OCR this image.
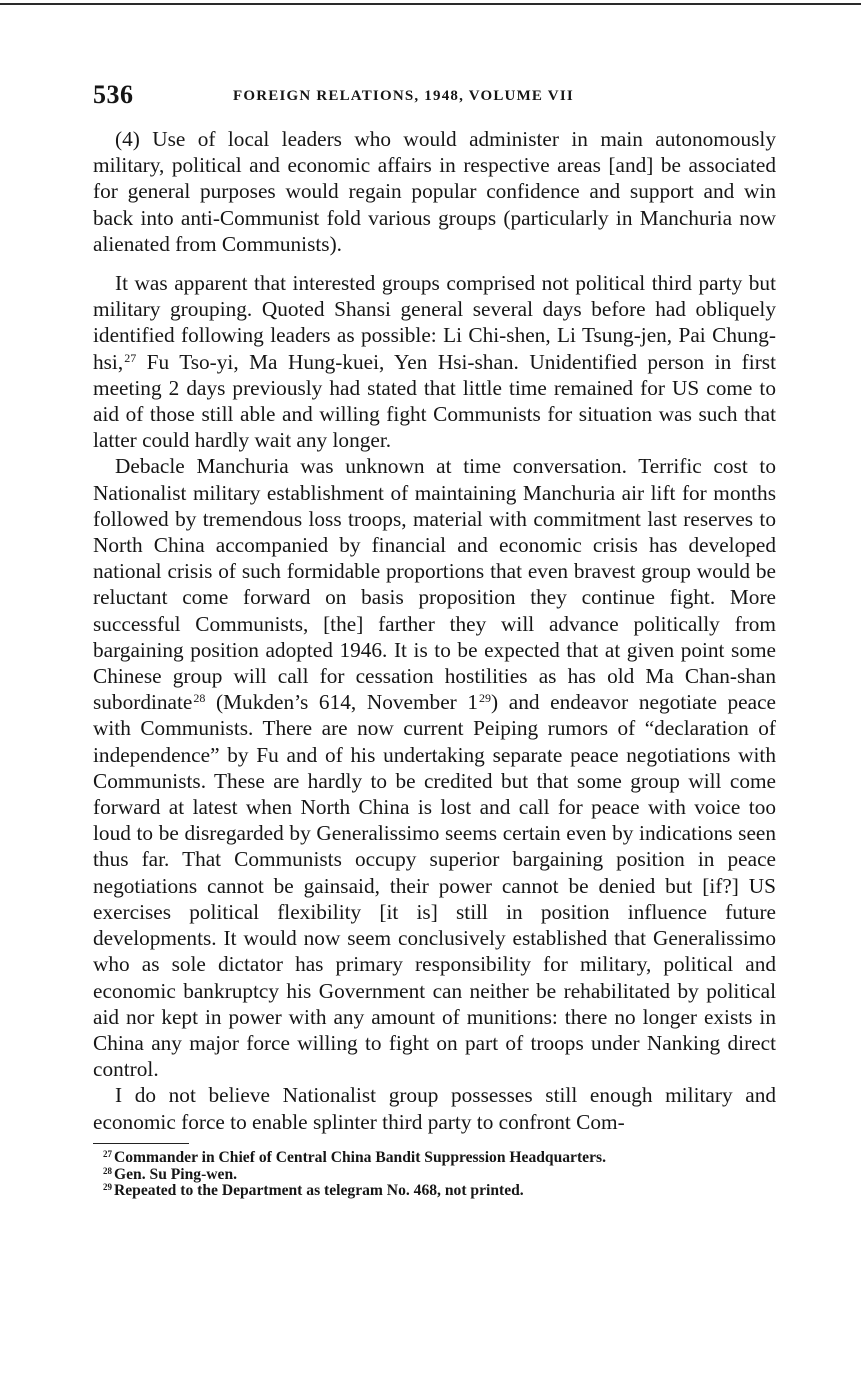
536	FOREIGN RELATIONS, 1948, VOLUME VII

(4) Use of local leaders who would administer in main autonomously military, political and economic affairs in respective areas [and] be associated for general purposes would regain popular confidence and support and win back into anti-Communist fold various groups (particularly in Manchuria now alienated from Communists).

It was apparent that interested groups comprised not political third party but military grouping. Quoted Shansi general several days before had obliquely identified following leaders as possible: Li Chi-shen, Li Tsung-jen, Pai Chung-hsi,$^{27}$ Fu Tso-yi, Ma Hung-kuei, Yen Hsi-shan. Unidentified person in first meeting 2 days previously had stated that little time remained for US come to aid of those still able and willing fight Communists for situation was such that latter could hardly wait any longer.

Debacle Manchuria was unknown at time conversation. Terrific cost to Nationalist military establishment of maintaining Manchuria air lift for months followed by tremendous loss troops, material with commitment last reserves to North China accompanied by financial and economic crisis has developed national crisis of such formidable proportions that even bravest group would be reluctant come forward on basis proposition they continue fight. More successful Communists, [the] farther they will advance politically from bargaining position adopted 1946. It is to be expected that at given point some Chinese group will call for cessation hostilities as has old Ma Chan-shan subordinate$^{28}$ (Mukden’s 614, November 1$^{29}$) and endeavor negotiate peace with Communists. There are now current Peiping rumors of “declaration of independence” by Fu and of his undertaking separate peace negotiations with Communists. These are hardly to be credited but that some group will come forward at latest when North China is lost and call for peace with voice too loud to be disregarded by Generalissimo seems certain even by indications seen thus far. That Communists occupy superior bargaining position in peace negotiations cannot be gainsaid, their power cannot be denied but [if?] US exercises political flexibility [it is] still in position influence future developments. It would now seem conclusively established that Generalissimo who as sole dictator has primary responsibility for military, political and economic bankruptcy his Government can neither be rehabilitated by political aid nor kept in power with any amount of munitions: there no longer exists in China any major force willing to fight on part of troops under Nanking direct control.

I do not believe Nationalist group possesses still enough military and economic force to enable splinter third party to confront Com-

$^{27}$ Commander in Chief of Central China Bandit Suppression Headquarters.

$^{28}$ Gen. Su Ping-wen.

$^{29}$ Repeated to the Department as telegram No. 468, not printed.
